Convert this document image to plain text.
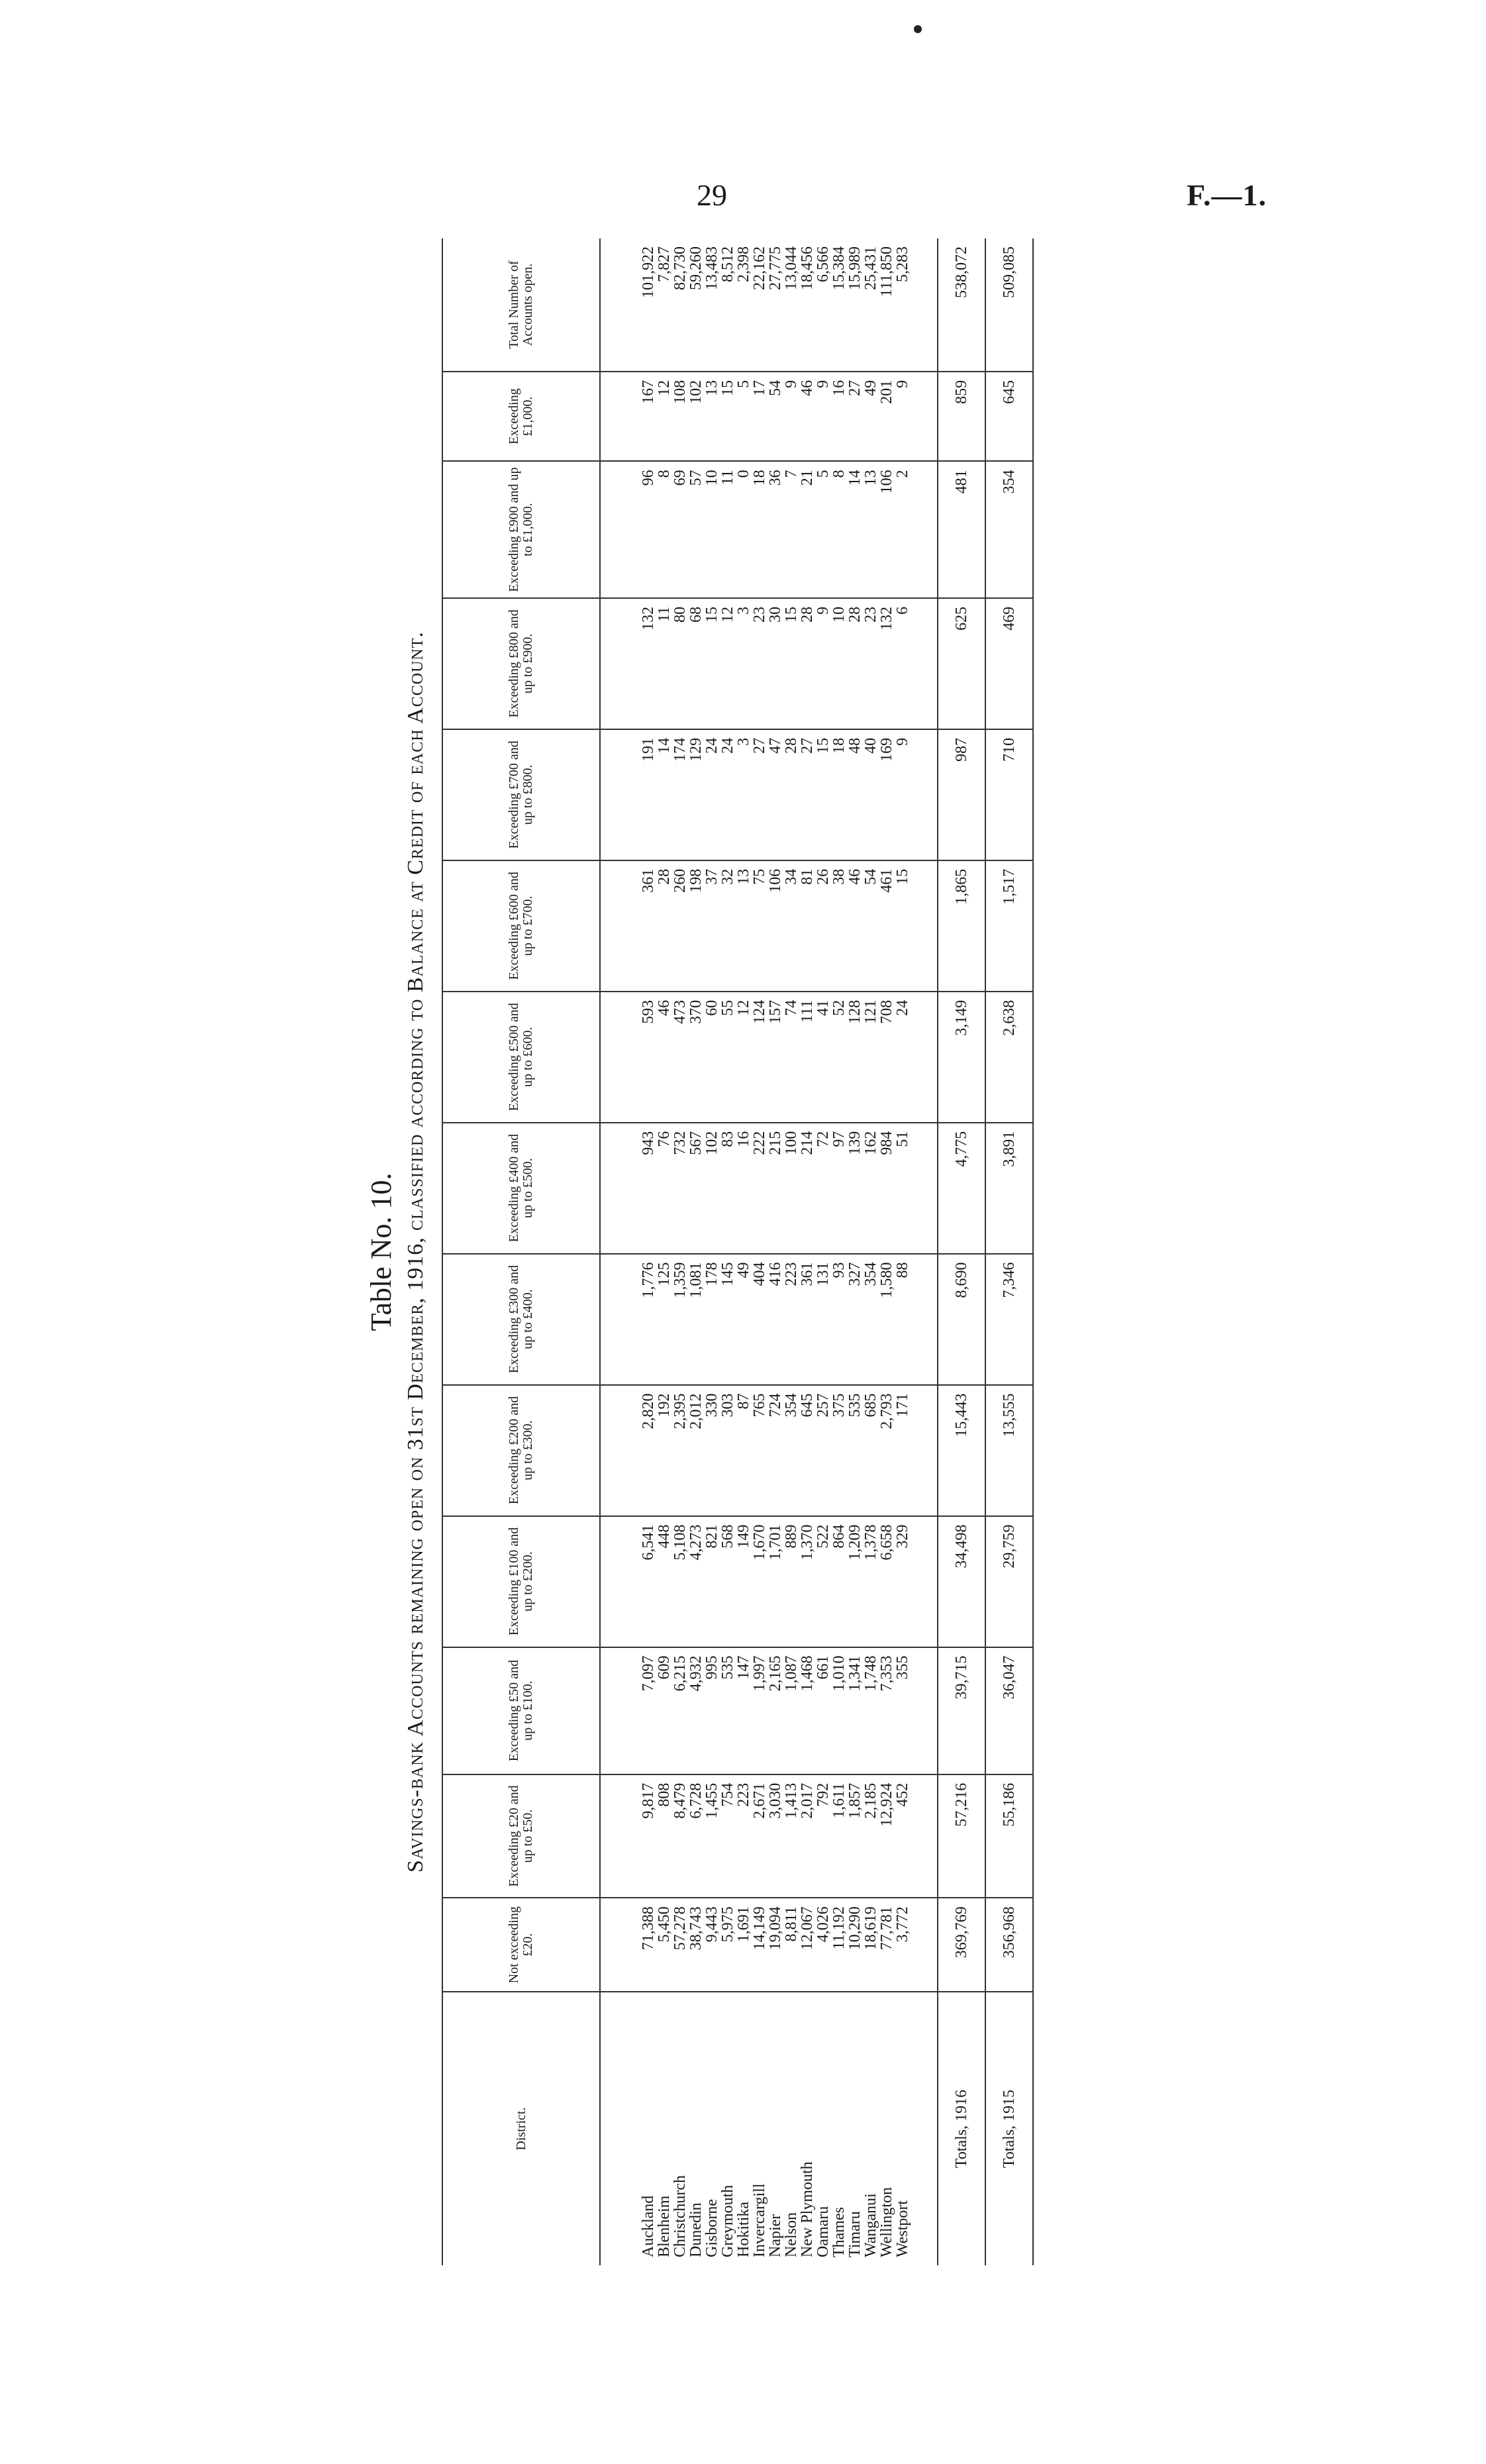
29	F.—1.
Table No. 10. Savings-bank Accounts remaining open on 31st December, 1916, classified according to Balance at Credit of each Account.
District.	Not exceeding £20.	Exceeding £20 and up to £50.	Exceeding £50 and up to £100.	Exceeding £100 and up to £200.	Exceeding £200 and up to £300.	Exceeding £300 and up to £400.	Exceeding £400 and up to £500.	Exceeding £500 and up to £600.	Exceeding £600 and up to £700.	Exceeding £700 and up to £800.	Exceeding £800 and up to £900.	Exceeding £900 and up to £1,000.	Exceeding £1,000.	Total Number of Accounts open.
Auckland	71,388	9,817	7,097	6,541	2,820	1,776	943	593	361	191	132	96	167	101,922
Blenheim	5,450	808	609	448	192	125	76	46	28	14	11	8	12	7,827
Christchurch	57,278	8,479	6,215	5,108	2,395	1,359	732	473	260	174	80	69	108	82,730
Dunedin	38,743	6,728	4,932	4,273	2,012	1,081	567	370	198	129	68	57	102	59,260
Gisborne	9,443	1,455	995	821	330	178	102	60	37	24	15	10	13	13,483
Greymouth	5,975	754	535	568	303	145	83	55	32	24	12	11	15	8,512
Hokitika	1,691	223	147	149	87	49	16	12	13	3	3	0	5	2,398
Invercargill	14,149	2,671	1,997	1,670	765	404	222	124	75	27	23	18	17	22,162
Napier	19,094	3,030	2,165	1,701	724	416	215	157	106	47	30	36	54	27,775
Nelson	8,811	1,413	1,087	889	354	223	100	74	34	28	15	7	9	13,044
New Plymouth	12,067	2,017	1,468	1,370	645	361	214	111	81	27	28	21	46	18,456
Oamaru	4,026	792	661	522	257	131	72	41	26	15	9	5	9	6,566
Thames	11,192	1,611	1,010	864	375	93	97	52	38	18	10	8	16	15,384
Timaru	10,290	1,857	1,341	1,209	535	327	139	128	46	48	28	14	27	15,989
Wanganui	18,619	2,185	1,748	1,378	685	354	162	121	54	40	23	13	49	25,431
Wellington	77,781	12,924	7,353	6,658	2,793	1,580	984	708	461	169	132	106	201	111,850
Westport	3,772	452	355	329	171	88	51	24	15	9	6	2	9	5,283
Totals, 1916	369,769	57,216	39,715	34,498	15,443	8,690	4,775	3,149	1,865	987	625	481	859	538,072
Totals, 1915	356,968	55,186	36,047	29,759	13,555	7,346	3,891	2,638	1,517	710	469	354	645	509,085
